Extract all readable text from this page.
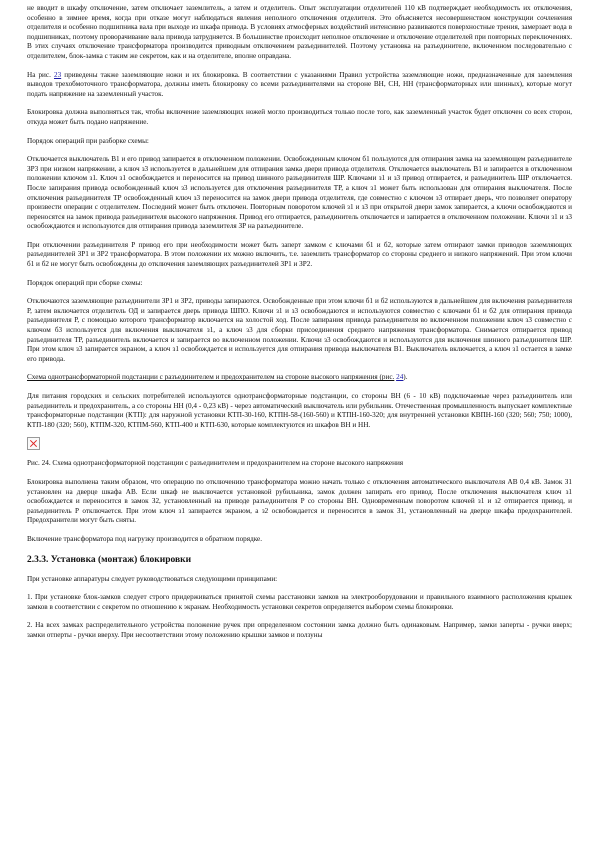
не вводит в шкафу отключение, затем отключает заземлитель, а затем и отделитель. Опыт эксплуатации отделителей 110 кВ подтверждает необходимость их отключения, особенно в зимнее время, когда при отказе могут наблюдаться явления неполного отключения отделителя. Это объясняется несовершенством конструкции сочленения отделителя и особенно подшипника вала при выходе из шкафа привода. В условиях атмосферных воздействий интенсивно развиваются поверхностные трения, замерзает вода в подшипниках, поэтому проворачивание вала привода затрудняется. В большинстве происходит неполное отключение и отключение отделителей при повторных переключениях. В этих случаях отключение трансформатора производится приводным отключением разъединителей. Поэтому установка на разъединителе, включенном последовательно с отделителем, блок-замка с таким же секретом, как и на отделителе, вполне оправдана.

На рис. 23 приведены также заземляющие ножи и их блокировка. В соответствии с указаниями Правил устройства заземляющие ножи, предназначенные для заземления выводов трехобмоточного трансформатора, должны иметь блокировку со всеми разъединителями на стороне ВН, СН, НН (трансформаторных или шинных), которые могут подать напряжение на заземленный участок.

Блокировка должна выполняться так, чтобы включение заземляющих ножей могло производиться только после того, как заземленный участок будет отключен со всех сторон, откуда может быть подано напряжение.

Порядок операций при разборке схемы:

Отключается выключатель В1 и его привод запирается в отключенном положении. Освобожденным ключом б1 пользуются для отпирания замка на заземляющем разъединителе ЗР3 при низком напряжении, а ключ з3 используется в дальнейшем для отпирания замка двери привода отделителя. Отключается выключатель В1 и запирается в отключенном положении ключом з1. Ключ з1 освобождается и переносится на привод шинного разъединителя ШР. Ключами з1 и з3 привод отпирается, и разъединитель ШР отключается. После запирания привода освобожденный ключ з3 используется для отключения разъединителя ТР, а ключ з1 может быть использован для отпирания выключателя. После отключения разъединителя ТР освобожденный ключ з3 переносится на замок двери привода отделителя, где совместно с ключом з3 отпирает дверь, что позволяет оператору произвести операции с отделителем. Последний может быть отключен. Повторным поворотом ключей з1 и з3 при открытой двери замок запирается, а ключи освобождаются и переносятся на замок привода разъединителя высокого напряжения. Привод его отпирается, разъединитель отключается и запирается в отключенном положении. Ключи з1 и з3 освобождаются и используются для отпирания привода заземлителя ЗР на разъединителе.

При отключении разъединителя Р привод его при необходимости может быть заперт замком с ключами б1 и б2, которые затем отпирают замки приводов заземляющих разъединителей ЗР1 и ЗР2 трансформатора. В этом положении их можно включить, т.е. заземлить трансформатор со стороны среднего и низкого напряжений. При этом ключи б1 и б2 не могут быть освобождены до отключения заземляющих разъединителей ЗР1 и ЗР2.

Порядок операций при сборке схемы:

Отключаются заземляющие разъединители ЗР1 и ЗР2, приводы запираются. Освобожденные при этом ключи б1 и б2 используются в дальнейшем для включения разъединителя Р, затем включается отделитель ОД и запирается дверь привода ШПО. Ключи з1 и з3 освобождаются и используются совместно с ключами б1 и б2 для отпирания привода разъединителя Р, с помощью которого трансформатор включается на холостой ход. После запирания привода разъединителя во включенном положении ключ з3 совместно с ключом б3 используется для включения выключателя з1, а ключ з3 для сборки присоединения среднего напряжения трансформатора. Снимается отпирается привод разъединителя ТР, разъединитель включается и запирается во включенном положении. Ключи з3 освобождаются и используются для включения шинного разъединителя ШР. При этом ключ з3 запирается экраном, а ключ з1 освобождается и используется для отпирания привода выключателя В1. Выключатель включается, а ключ з1 остается в замке его привода.

Схема однотрансформаторной подстанции с разъединителем и предохранителем на стороне высокого напряжения (рис. 24).

Для питания городских и сельских потребителей используются однотрансформаторные подстанции, со стороны ВН (6 - 10 кВ) подключаемые через разъединитель или разъединитель и предохранитель, а со стороны НН (0,4 - 0,23 кВ) - через автоматический выключатель или рубильник. Отечественная промышленность выпускает комплектные трансформаторные подстанции (КТП): для наружной установки КТП-30-160, КТПН-58-(160-560) и КТПН-160-320; для внутренней установки КВПН-160 (320; 560; 750; 1000), КТП-180 (320; 560), КТПМ-320, КТПМ-560, КТП-400 и КТП-630, которые комплектуются из шкафов ВН и НН.

Рис. 24. Схема однотрансформаторной подстанции с разъединителем и предохранителем на стороне высокого напряжения

Блокировка выполнена таким образом, что операцию по отключению трансформатора можно начать только с отключения автоматического выключателя АВ 0,4 кВ. Замок З1 установлен на дверце шкафа АВ. Если шкаф не выключается установкой рубильника, замок должен запирать его привод. После отключения выключателя ключ з1 освобождается и переносится в замок З2, установленный на приводе разъединителя Р со стороны ВН. Одновременным поворотом ключей з1 и з2 отпирается привод, и разъединитель Р отключается. При этом ключ з1 запирается экраном, а з2 освобождается и переносится в замок З1, установленный на дверце шкафа предохранителей. Предохранители могут быть сняты.

Включение трансформатора под нагрузку производится в обратном порядке.

2.3.3. Установка (монтаж) блокировки

При установке аппаратуры следует руководствоваться следующими принципами:

1. При установке блок-замков следует строго придерживаться принятой схемы расстановки замков на электрооборудовании и правильного взаимного расположения крышек замков в соответствии с секретом по отношению к экранам. Необходимость установки секретов определяется выбором схемы блокировки.

2. На всех замках распределительного устройства положение ручек при определенном состоянии замка должно быть одинаковым. Например, замки заперты - ручки вверх; замки отперты - ручки вверху. При несоответствии этому положению крышки замков и ползуны
